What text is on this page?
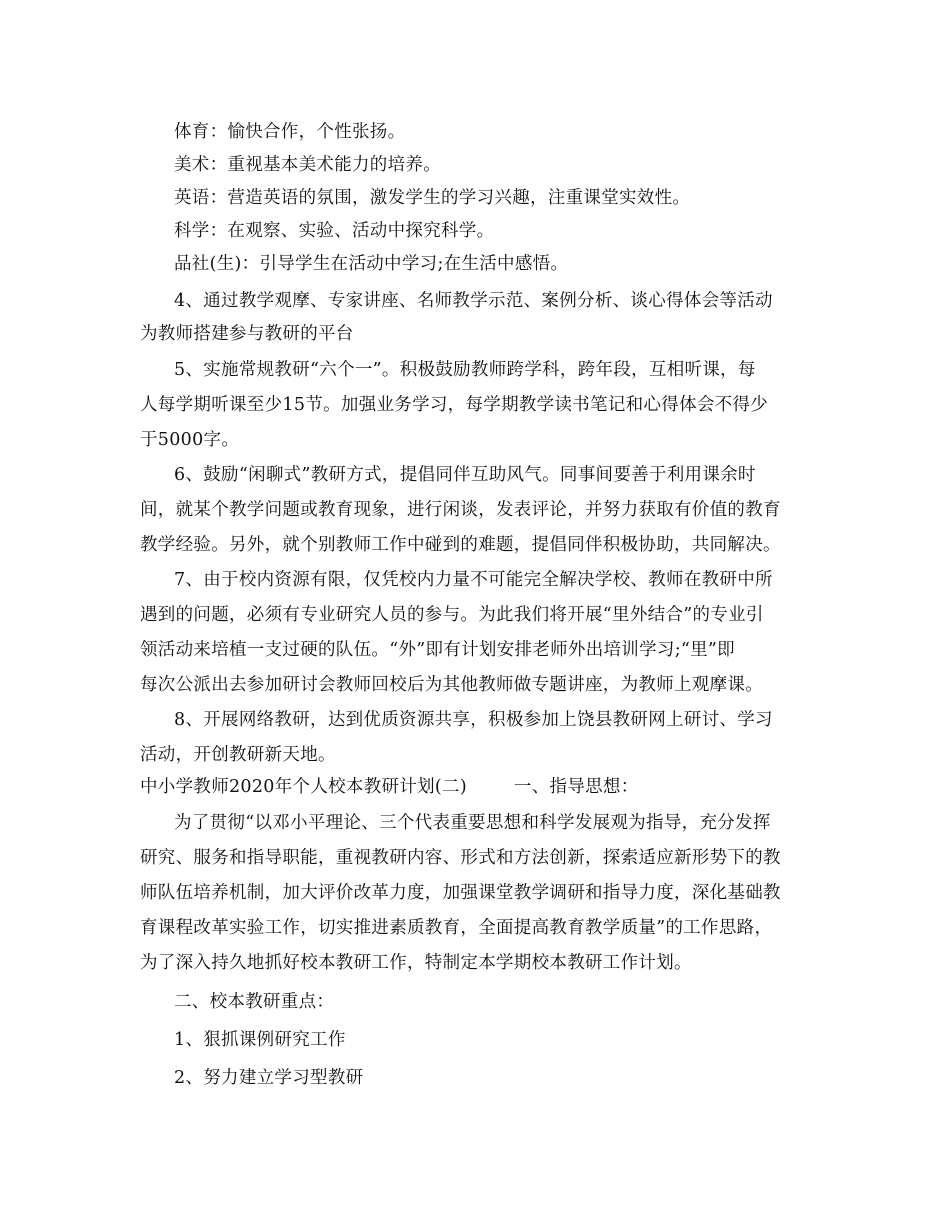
体育：愉快合作，个性张扬。
美术：重视基本美术能力的培养。
英语：营造英语的氛围，激发学生的学习兴趣，注重课堂实效性。
科学：在观察、实验、活动中探究科学。
品社(生)：引导学生在活动中学习;在生活中感悟。
4、通过教学观摩、专家讲座、名师教学示范、案例分析、谈心得体会等活动
为教师搭建参与教研的平台
5、实施常规教研“六个一”。积极鼓励教师跨学科，跨年段，互相听课，每
人每学期听课至少15节。加强业务学习，每学期教学读书笔记和心得体会不得少
于5000字。
6、鼓励“闲聊式”教研方式，提倡同伴互助风气。同事间要善于利用课余时
间，就某个教学问题或教育现象，进行闲谈，发表评论，并努力获取有价值的教育
教学经验。另外，就个别教师工作中碰到的难题，提倡同伴积极协助，共同解决。
7、由于校内资源有限，仅凭校内力量不可能完全解决学校、教师在教研中所
遇到的问题，必须有专业研究人员的参与。为此我们将开展“里外结合”的专业引
领活动来培植一支过硬的队伍。“外”即有计划安排老师外出培训学习;“里”即
每次公派出去参加研讨会教师回校后为其他教师做专题讲座，为教师上观摩课。
8、开展网络教研，达到优质资源共享，积极参加上饶县教研网上研讨、学习
活动，开创教研新天地。
中小学教师2020年个人校本教研计划(二)        一、指导思想：
为了贯彻“以邓小平理论、三个代表重要思想和科学发展观为指导，充分发挥
研究、服务和指导职能，重视教研内容、形式和方法创新，探索适应新形势下的教
师队伍培养机制，加大评价改革力度，加强课堂教学调研和指导力度，深化基础教
育课程改革实验工作，切实推进素质教育，全面提高教育教学质量”的工作思路，
为了深入持久地抓好校本教研工作，特制定本学期校本教研工作计划。
二、校本教研重点：
1、狠抓课例研究工作
2、努力建立学习型教研
